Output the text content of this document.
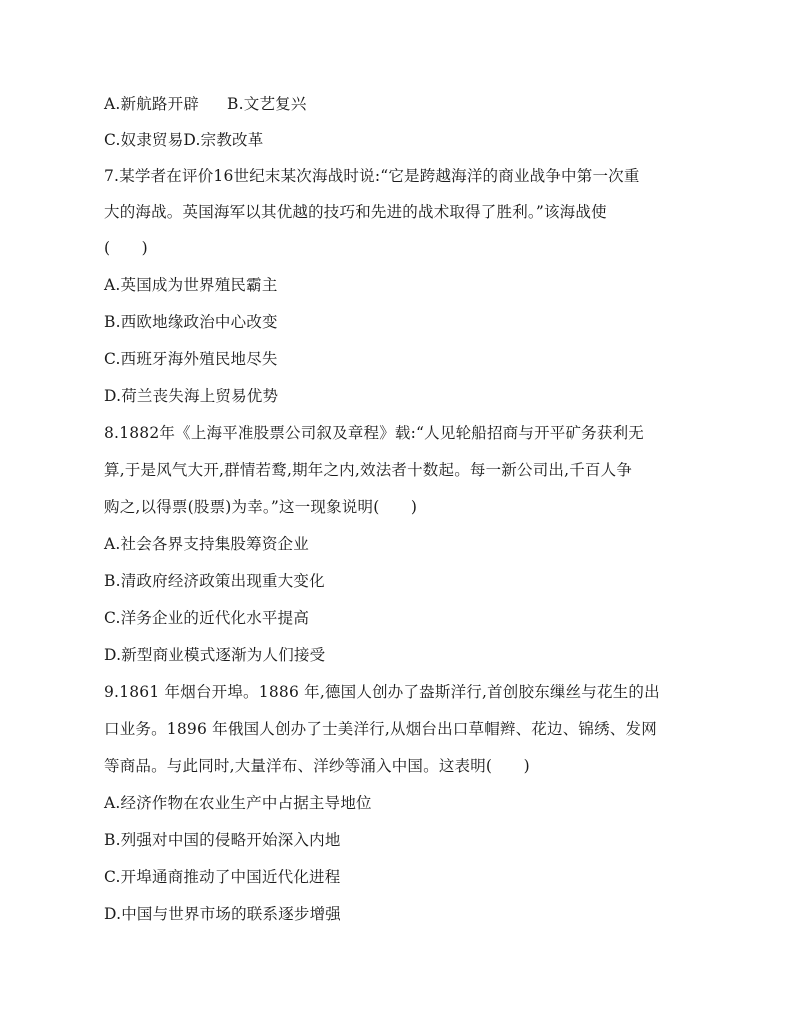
A.新航路开辟 B.文艺复兴
C.奴隶贸易D.宗教改革
7.某学者在评价16世纪末某次海战时说:“它是跨越海洋的商业战争中第一次重
大的海战。英国海军以其优越的技巧和先进的战术取得了胜利。”该海战使
(　　)
A.英国成为世界殖民霸主
B.西欧地缘政治中心改变
C.西班牙海外殖民地尽失
D.荷兰丧失海上贸易优势
8.1882年《上海平准股票公司叙及章程》载:“人见轮船招商与开平矿务获利无
算,于是风气大开,群情若鹜,期年之内,效法者十数起。每一新公司出,千百人争
购之,以得票(股票)为幸。”这一现象说明(　　)
A.社会各界支持集股筹资企业
B.清政府经济政策出现重大变化
C.洋务企业的近代化水平提高
D.新型商业模式逐渐为人们接受
9.1861 年烟台开埠。1886 年,德国人创办了盎斯洋行,首创胶东缫丝与花生的出
口业务。1896 年俄国人创办了士美洋行,从烟台出口草帽辫、花边、锦绣、发网
等商品。与此同时,大量洋布、洋纱等涌入中国。这表明(　　)
A.经济作物在农业生产中占据主导地位
B.列强对中国的侵略开始深入内地
C.开埠通商推动了中国近代化进程
D.中国与世界市场的联系逐步增强
